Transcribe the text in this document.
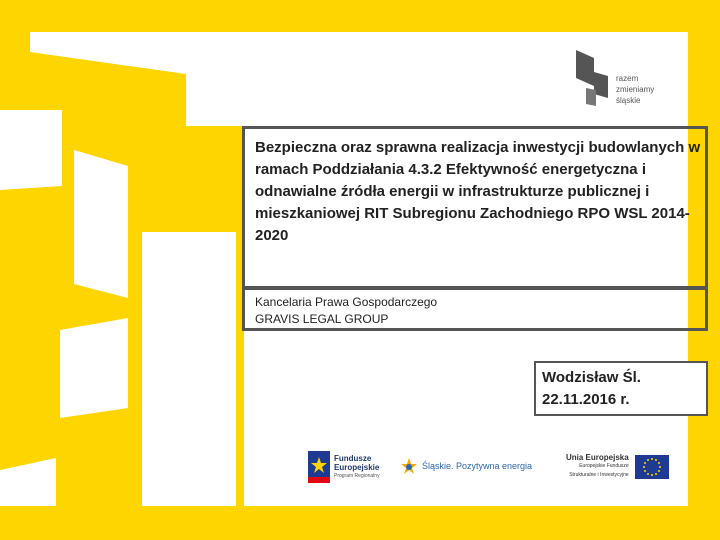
razem
zmieniamy
śląskie
Bezpieczna oraz sprawna realizacja inwestycji budowlanych w ramach Poddziałania 4.3.2 Efektywność energetyczna i odnawialne źródła energii w infrastrukturze publicznej i mieszkaniowej RIT Subregionu Zachodniego RPO WSL 2014-2020
Kancelaria Prawa Gospodarczego
GRAVIS LEGAL GROUP
Wodzisław Śl.
22.11.2016 r.
Fundusze
Europejskie
Program Regionalny
Śląskie. Pozytywna energia
Unia Europejska
Europejskie Fundusze
Strukturalne i Inwestycyjne
